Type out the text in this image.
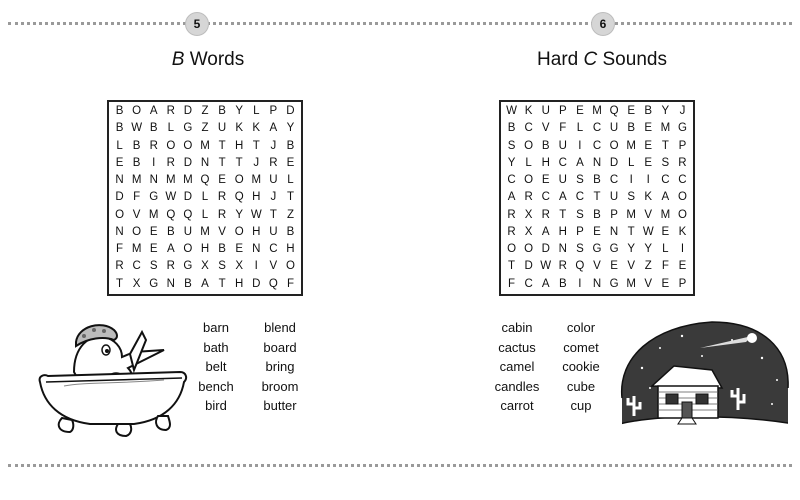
5
B Words
B O A R D Z B Y L P D
B W B L G Z U K K A Y
L B R O O M T H T J B
E B	I R D N T T J R E
N M N M M Q E O M U L
D F G W D L R Q H J T
O V M Q Q L R Y W T Z
N O E B U M V O H U B
F M E A O H B E N C H
R C S R G X S X	I	V O
T X G N B A T H D Q F
barn	blend
bath	board
belt	bring
bench	broom
bird	butter
6
Hard C Sounds
W K U P E M Q E B Y J
B C V F L C U B E M G
S O B U I C O M E T P
Y L H C A N D L E S R
C O E U S B C I	I C C
A R C A C T U S K A O
R X R T S B P M V M O
R X A H P E N T W E K
O O D N S G G Y Y L	I
T D W R Q V E V Z F E
F C A B	I N G M V E P
cabin	color
cactus	comet
camel	cookie
candles	cube
carrot	cup
